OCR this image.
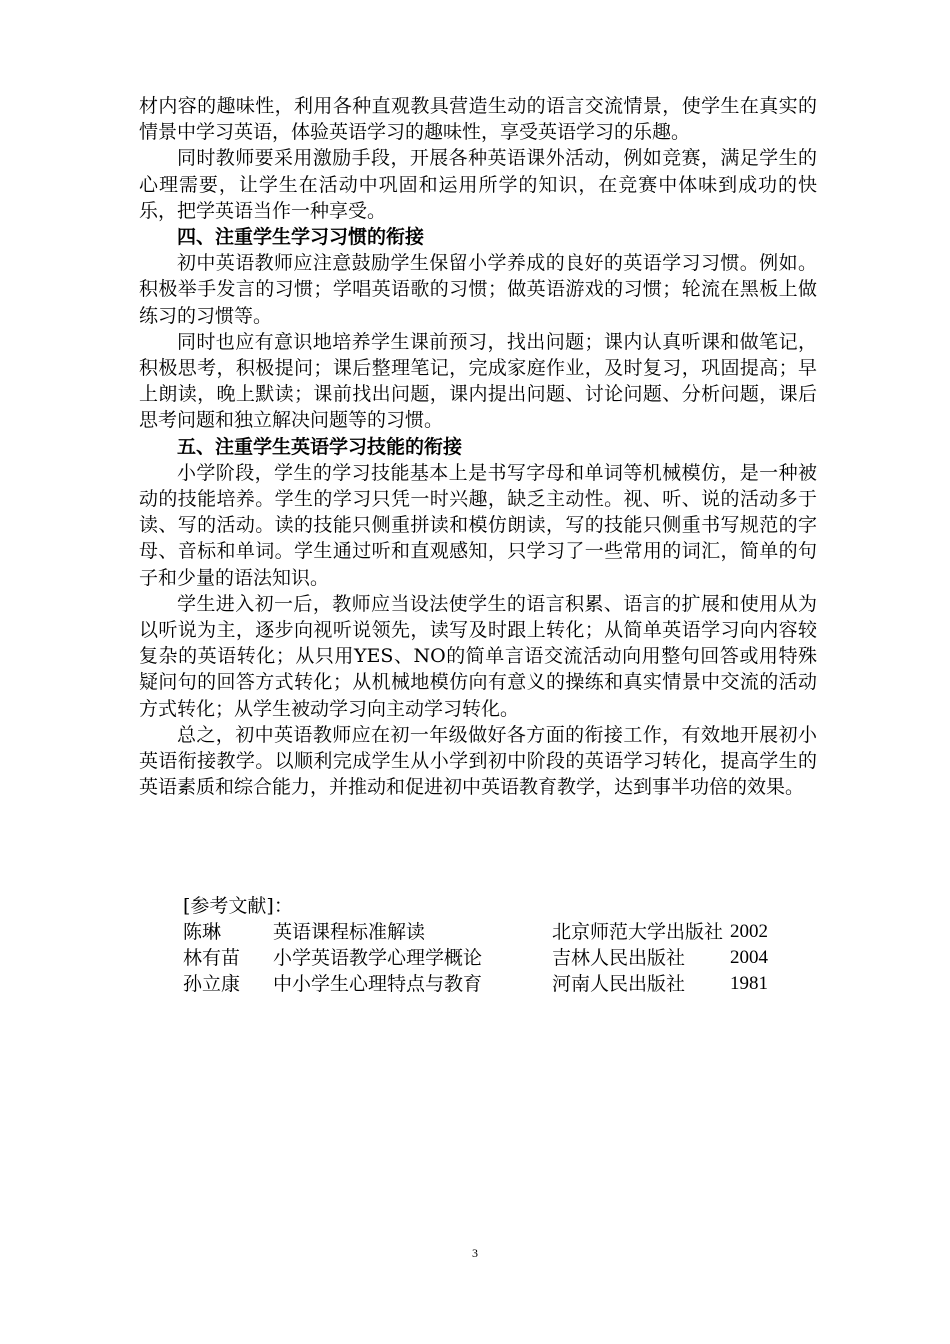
材内容的趣味性，利用各种直观教具营造生动的语言交流情景，使学生在真实的情景中学习英语，体验英语学习的趣味性，享受英语学习的乐趣。

同时教师要采用激励手段，开展各种英语课外活动，例如竞赛，满足学生的心理需要，让学生在活动中巩固和运用所学的知识，在竞赛中体味到成功的快乐，把学英语当作一种享受。

四、注重学生学习习惯的衔接

初中英语教师应注意鼓励学生保留小学养成的良好的英语学习习惯。例如。积极举手发言的习惯；学唱英语歌的习惯；做英语游戏的习惯；轮流在黑板上做练习的习惯等。

同时也应有意识地培养学生课前预习，找出问题；课内认真听课和做笔记，积极思考，积极提问；课后整理笔记，完成家庭作业，及时复习，巩固提高；早上朗读，晚上默读；课前找出问题，课内提出问题、讨论问题、分析问题，课后思考问题和独立解决问题等的习惯。

五、注重学生英语学习技能的衔接

小学阶段，学生的学习技能基本上是书写字母和单词等机械模仿，是一种被动的技能培养。学生的学习只凭一时兴趣，缺乏主动性。视、听、说的活动多于读、写的活动。读的技能只侧重拼读和模仿朗读，写的技能只侧重书写规范的字母、音标和单词。学生通过听和直观感知，只学习了一些常用的词汇，简单的句子和少量的语法知识。

学生进入初一后，教师应当设法使学生的语言积累、语言的扩展和使用从为以听说为主，逐步向视听说领先，读写及时跟上转化；从简单英语学习向内容较复杂的英语转化；从只用YES、NO的简单言语交流活动向用整句回答或用特殊疑问句的回答方式转化；从机械地模仿向有意义的操练和真实情景中交流的活动方式转化；从学生被动学习向主动学习转化。

总之，初中英语教师应在初一年级做好各方面的衔接工作，有效地开展初小英语衔接教学。以顺利完成学生从小学到初中阶段的英语学习转化，提高学生的英语素质和综合能力，并推动和促进初中英语教育教学，达到事半功倍的效果。

[参考文献]：

陈琳	英语课程标准解读	北京师范大学出版社 2002
林有苗 小学英语教学心理学概论	吉林人民出版社 2004
孙立康 中小学生心理特点与教育	河南人民出版社 1981
3
